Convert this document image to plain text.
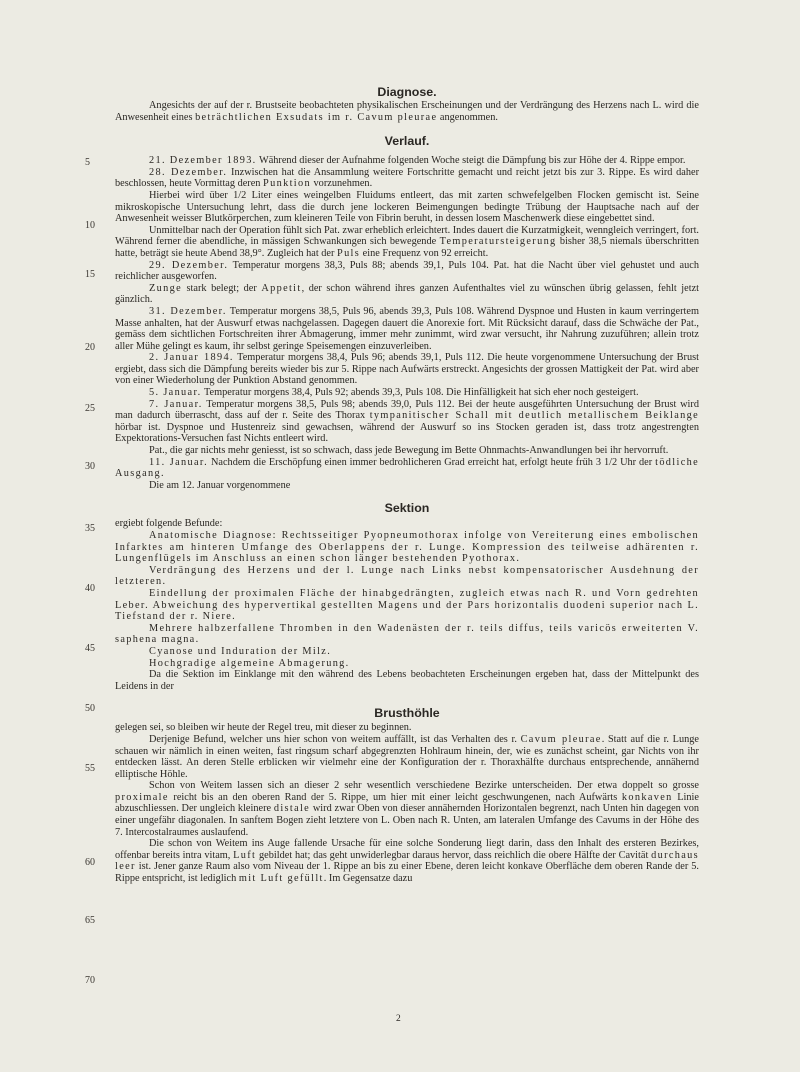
5
10
15
20
25
30
35
40
45
50
55
60
65
70
Diagnose.

Angesichts der auf der r. Brustseite beobachteten physikalischen Erscheinungen und der Verdrängung des Herzens nach L. wird die Anwesenheit eines beträchtlichen Exsudats im r. Cavum pleurae angenommen.

Verlauf.

21. Dezember 1893. Während dieser der Aufnahme folgenden Woche steigt die Dämpfung bis zur Höhe der 4. Rippe empor.

28. Dezember. Inzwischen hat die Ansammlung weitere Fortschritte gemacht und reicht jetzt bis zur 3. Rippe. Es wird daher beschlossen, heute Vormittag deren Punktion vorzunehmen.

Hierbei wird über 1/2 Liter eines weingelben Fluidums entleert, das mit zarten schwefelgelben Flocken gemischt ist. Seine mikroskopische Untersuchung lehrt, dass die durch jene lockeren Beimengungen bedingte Trübung der Hauptsache nach auf der Anwesenheit weisser Blutkörperchen, zum kleineren Teile von Fibrin beruht, in dessen losem Maschenwerk diese eingebettet sind.

Unmittelbar nach der Operation fühlt sich Pat. zwar erheblich erleichtert. Indes dauert die Kurzatmigkeit, wenngleich verringert, fort. Während ferner die abendliche, in mässigen Schwankungen sich bewegende Temperatursteigerung bisher 38,5 niemals überschritten hatte, beträgt sie heute Abend 38,9°. Zugleich hat der Puls eine Frequenz von 92 erreicht.

29. Dezember. Temperatur morgens 38,3, Puls 88; abends 39,1, Puls 104. Pat. hat die Nacht über viel gehustet und auch reichlicher ausgeworfen.

Zunge stark belegt; der Appetit, der schon während ihres ganzen Aufenthaltes viel zu wünschen übrig gelassen, fehlt jetzt gänzlich.

31. Dezember. Temperatur morgens 38,5, Puls 96, abends 39,3, Puls 108. Während Dyspnoe und Husten in kaum verringertem Masse anhalten, hat der Auswurf etwas nachgelassen. Dagegen dauert die Anorexie fort. Mit Rücksicht darauf, dass die Schwäche der Pat., gemäss dem sichtlichen Fortschreiten ihrer Abmagerung, immer mehr zunimmt, wird zwar versucht, ihr Nahrung zuzuführen; allein trotz aller Mühe gelingt es kaum, ihr selbst geringe Speisemengen einzuverleiben.

2. Januar 1894. Temperatur morgens 38,4, Puls 96; abends 39,1, Puls 112. Die heute vorgenommene Untersuchung der Brust ergiebt, dass sich die Dämpfung bereits wieder bis zur 5. Rippe nach Aufwärts erstreckt. Angesichts der grossen Mattigkeit der Pat. wird aber von einer Wiederholung der Punktion Abstand genommen.

5. Januar. Temperatur morgens 38,4, Puls 92; abends 39,3, Puls 108. Die Hinfälligkeit hat sich eher noch gesteigert.

7. Januar. Temperatur morgens 38,5, Puls 98; abends 39,0, Puls 112. Bei der heute ausgeführten Untersuchung der Brust wird man dadurch überrascht, dass auf der r. Seite des Thorax tympanitischer Schall mit deutlich metallischem Beiklange hörbar ist. Dyspnoe und Hustenreiz sind gewachsen, während der Auswurf so ins Stocken geraden ist, dass trotz angestrengten Expektorations-Versuchen fast Nichts entleert wird.

Pat., die gar nichts mehr geniesst, ist so schwach, dass jede Bewegung im Bette Ohnmachts-Anwandlungen bei ihr hervorruft.

11. Januar. Nachdem die Erschöpfung einen immer bedrohlicheren Grad erreicht hat, erfolgt heute früh 3 1/2 Uhr der tödliche Ausgang.

Die am 12. Januar vorgenommene

Sektion

ergiebt folgende Befunde:

Anatomische Diagnose: Rechtsseitiger Pyopneumothorax infolge von Vereiterung eines embolischen Infarktes am hinteren Umfange des Oberlappens der r. Lunge. Kompression des teilweise adhärenten r. Lungenflügels im Anschluss an einen schon länger bestehenden Pyothorax.

Verdrängung des Herzens und der l. Lunge nach Links nebst kompensatorischer Ausdehnung der letzteren.

Eindellung der proximalen Fläche der hinabgedrängten, zugleich etwas nach R. und Vorn gedrehten Leber. Abweichung des hypervertikal gestellten Magens und der Pars horizontalis duodeni superior nach L. Tiefstand der r. Niere.

Mehrere halbzerfallene Thromben in den Wadenästen der r. teils diffus, teils varicös erweiterten V. saphena magna.

Cyanose und Induration der Milz.

Hochgradige algemeine Abmagerung.

Da die Sektion im Einklange mit den während des Lebens beobachteten Erscheinungen ergeben hat, dass der Mittelpunkt des Leidens in der

Brusthöhle

gelegen sei, so bleiben wir heute der Regel treu, mit dieser zu beginnen.

Derjenige Befund, welcher uns hier schon von weitem auffällt, ist das Verhalten des r. Cavum pleurae. Statt auf die r. Lunge schauen wir nämlich in einen weiten, fast ringsum scharf abgegrenzten Hohlraum hinein, der, wie es zunächst scheint, gar Nichts von ihr entdecken lässt. An deren Stelle erblicken wir vielmehr eine der Konfiguration der r. Thoraxhälfte durchaus entsprechende, annähernd elliptische Höhle.

Schon von Weitem lassen sich an dieser 2 sehr wesentlich verschiedene Bezirke unterscheiden. Der etwa doppelt so grosse proximale reicht bis an den oberen Rand der 5. Rippe, um hier mit einer leicht geschwungenen, nach Aufwärts konkaven Linie abzuschliessen. Der ungleich kleinere distale wird zwar Oben von dieser annähernden Horizontalen begrenzt, nach Unten hin dagegen von einer ungefähr diagonalen. In sanftem Bogen zieht letztere von L. Oben nach R. Unten, am lateralen Umfange des Cavums in der Höhe des 7. Intercostalraumes auslaufend.

Die schon von Weitem ins Auge fallende Ursache für eine solche Sonderung liegt darin, dass den Inhalt des ersteren Bezirkes, offenbar bereits intra vitam, Luft gebildet hat; das geht unwiderlegbar daraus hervor, dass reichlich die obere Hälfte der Cavität durchaus leer ist. Jener ganze Raum also vom Niveau der 1. Rippe an bis zu einer Ebene, deren leicht konkave Oberfläche dem oberen Rande der 5. Rippe entspricht, ist lediglich mit Luft gefüllt. Im Gegensatze dazu

2
